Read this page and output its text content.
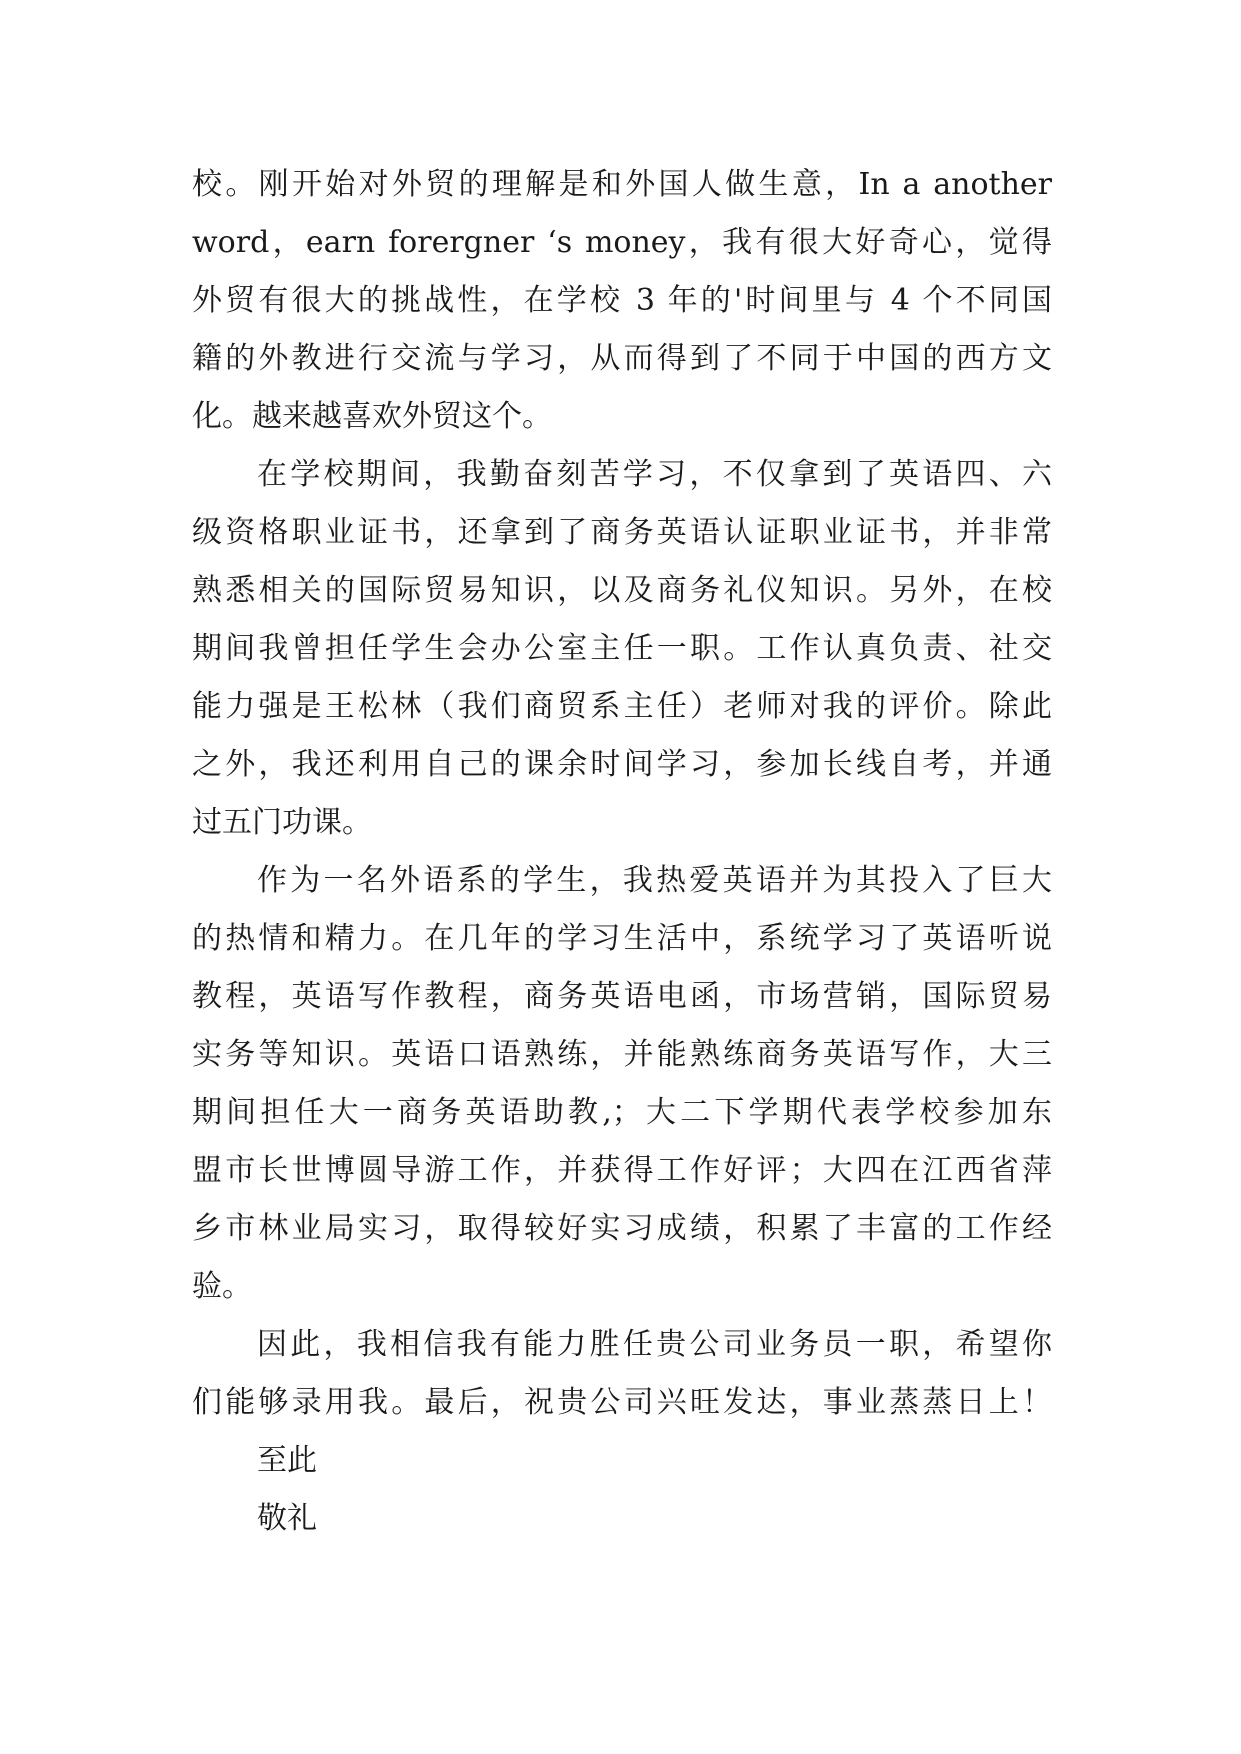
校。刚开始对外贸的理解是和外国人做生意，In a another
word，earn forergner ‘s money，我有很大好奇心，觉得
外贸有很大的挑战性，在学校 3 年的'时间里与 4 个不同国
籍的外教进行交流与学习，从而得到了不同于中国的西方文
化。越来越喜欢外贸这个。
在学校期间，我勤奋刻苦学习，不仅拿到了英语四、六
级资格职业证书，还拿到了商务英语认证职业证书，并非常
熟悉相关的国际贸易知识，以及商务礼仪知识。另外，在校
期间我曾担任学生会办公室主任一职。工作认真负责、社交
能力强是王松林（我们商贸系主任）老师对我的评价。除此
之外，我还利用自己的课余时间学习，参加长线自考，并通
过五门功课。
作为一名外语系的学生，我热爱英语并为其投入了巨大
的热情和精力。在几年的学习生活中，系统学习了英语听说
教程，英语写作教程，商务英语电函，市场营销，国际贸易
实务等知识。英语口语熟练，并能熟练商务英语写作，大三
期间担任大一商务英语助教,；大二下学期代表学校参加东
盟市长世博圆导游工作，并获得工作好评；大四在江西省萍
乡市林业局实习，取得较好实习成绩，积累了丰富的工作经
验。
因此，我相信我有能力胜任贵公司业务员一职，希望你
们能够录用我。最后，祝贵公司兴旺发达，事业蒸蒸日上！
至此
敬礼
